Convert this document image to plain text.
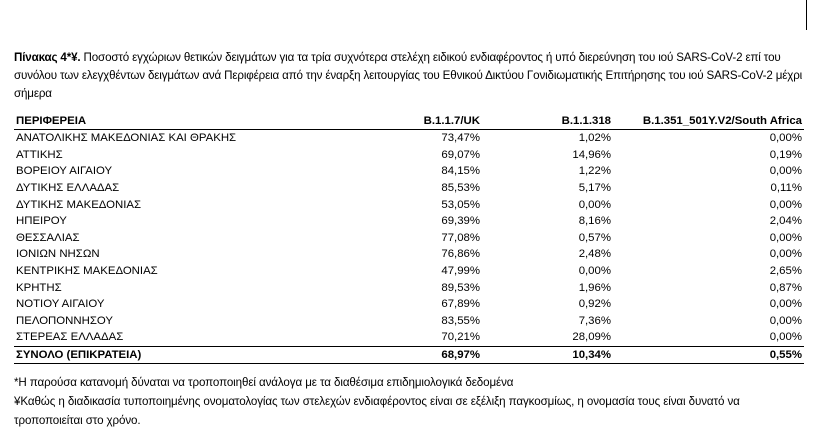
Πίνακας 4*¥. Ποσοστό εγχώριων θετικών δειγμάτων για τα τρία συχνότερα στελέχη ειδικού ενδιαφέροντος ή υπό διερεύνηση του ιού SARS-CoV-2 επί του συνόλου των ελεγχθέντων δειγμάτων ανά Περιφέρεια από την έναρξη λειτουργίας του Εθνικού Δικτύου Γονιδιωματικής Επιτήρησης του ιού SARS-CoV-2 μέχρι σήμερα
ΠΕΡΙΦΕΡΕΙΑ	B.1.1.7/UK	B.1.1.318	B.1.351_501Y.V2/South Africa
ΑΝΑΤΟΛΙΚΗΣ ΜΑΚΕΔΟΝΙΑΣ ΚΑΙ ΘΡΑΚΗΣ	73,47%	1,02%	0,00%
ΑΤΤΙΚΗΣ	69,07%	14,96%	0,19%
ΒΟΡΕΙΟΥ ΑΙΓΑΙΟΥ	84,15%	1,22%	0,00%
ΔΥΤΙΚΗΣ ΕΛΛΑΔΑΣ	85,53%	5,17%	0,11%
ΔΥΤΙΚΗΣ ΜΑΚΕΔΟΝΙΑΣ	53,05%	0,00%	0,00%
ΗΠΕΙΡΟΥ	69,39%	8,16%	2,04%
ΘΕΣΣΑΛΙΑΣ	77,08%	0,57%	0,00%
ΙΟΝΙΩΝ ΝΗΣΩΝ	76,86%	2,48%	0,00%
ΚΕΝΤΡΙΚΗΣ ΜΑΚΕΔΟΝΙΑΣ	47,99%	0,00%	2,65%
ΚΡΗΤΗΣ	89,53%	1,96%	0,87%
ΝΟΤΙΟΥ ΑΙΓΑΙΟΥ	67,89%	0,92%	0,00%
ΠΕΛΟΠΟΝΝΗΣΟΥ	83,55%	7,36%	0,00%
ΣΤΕΡΕΑΣ ΕΛΛΑΔΑΣ	70,21%	28,09%	0,00%
ΣΥΝΟΛΟ (ΕΠΙΚΡΑΤΕΙΑ)	68,97%	10,34%	0,55%
*Η παρούσα κατανομή δύναται να τροποποιηθεί ανάλογα με τα διαθέσιμα επιδημιολογικά δεδομένα
¥Καθώς η διαδικασία τυποποιημένης ονοματολογίας των στελεχών ενδιαφέροντος είναι σε εξέλιξη παγκοσμίως, η ονομασία τους είναι δυνατό να τροποποιείται στο χρόνο.
